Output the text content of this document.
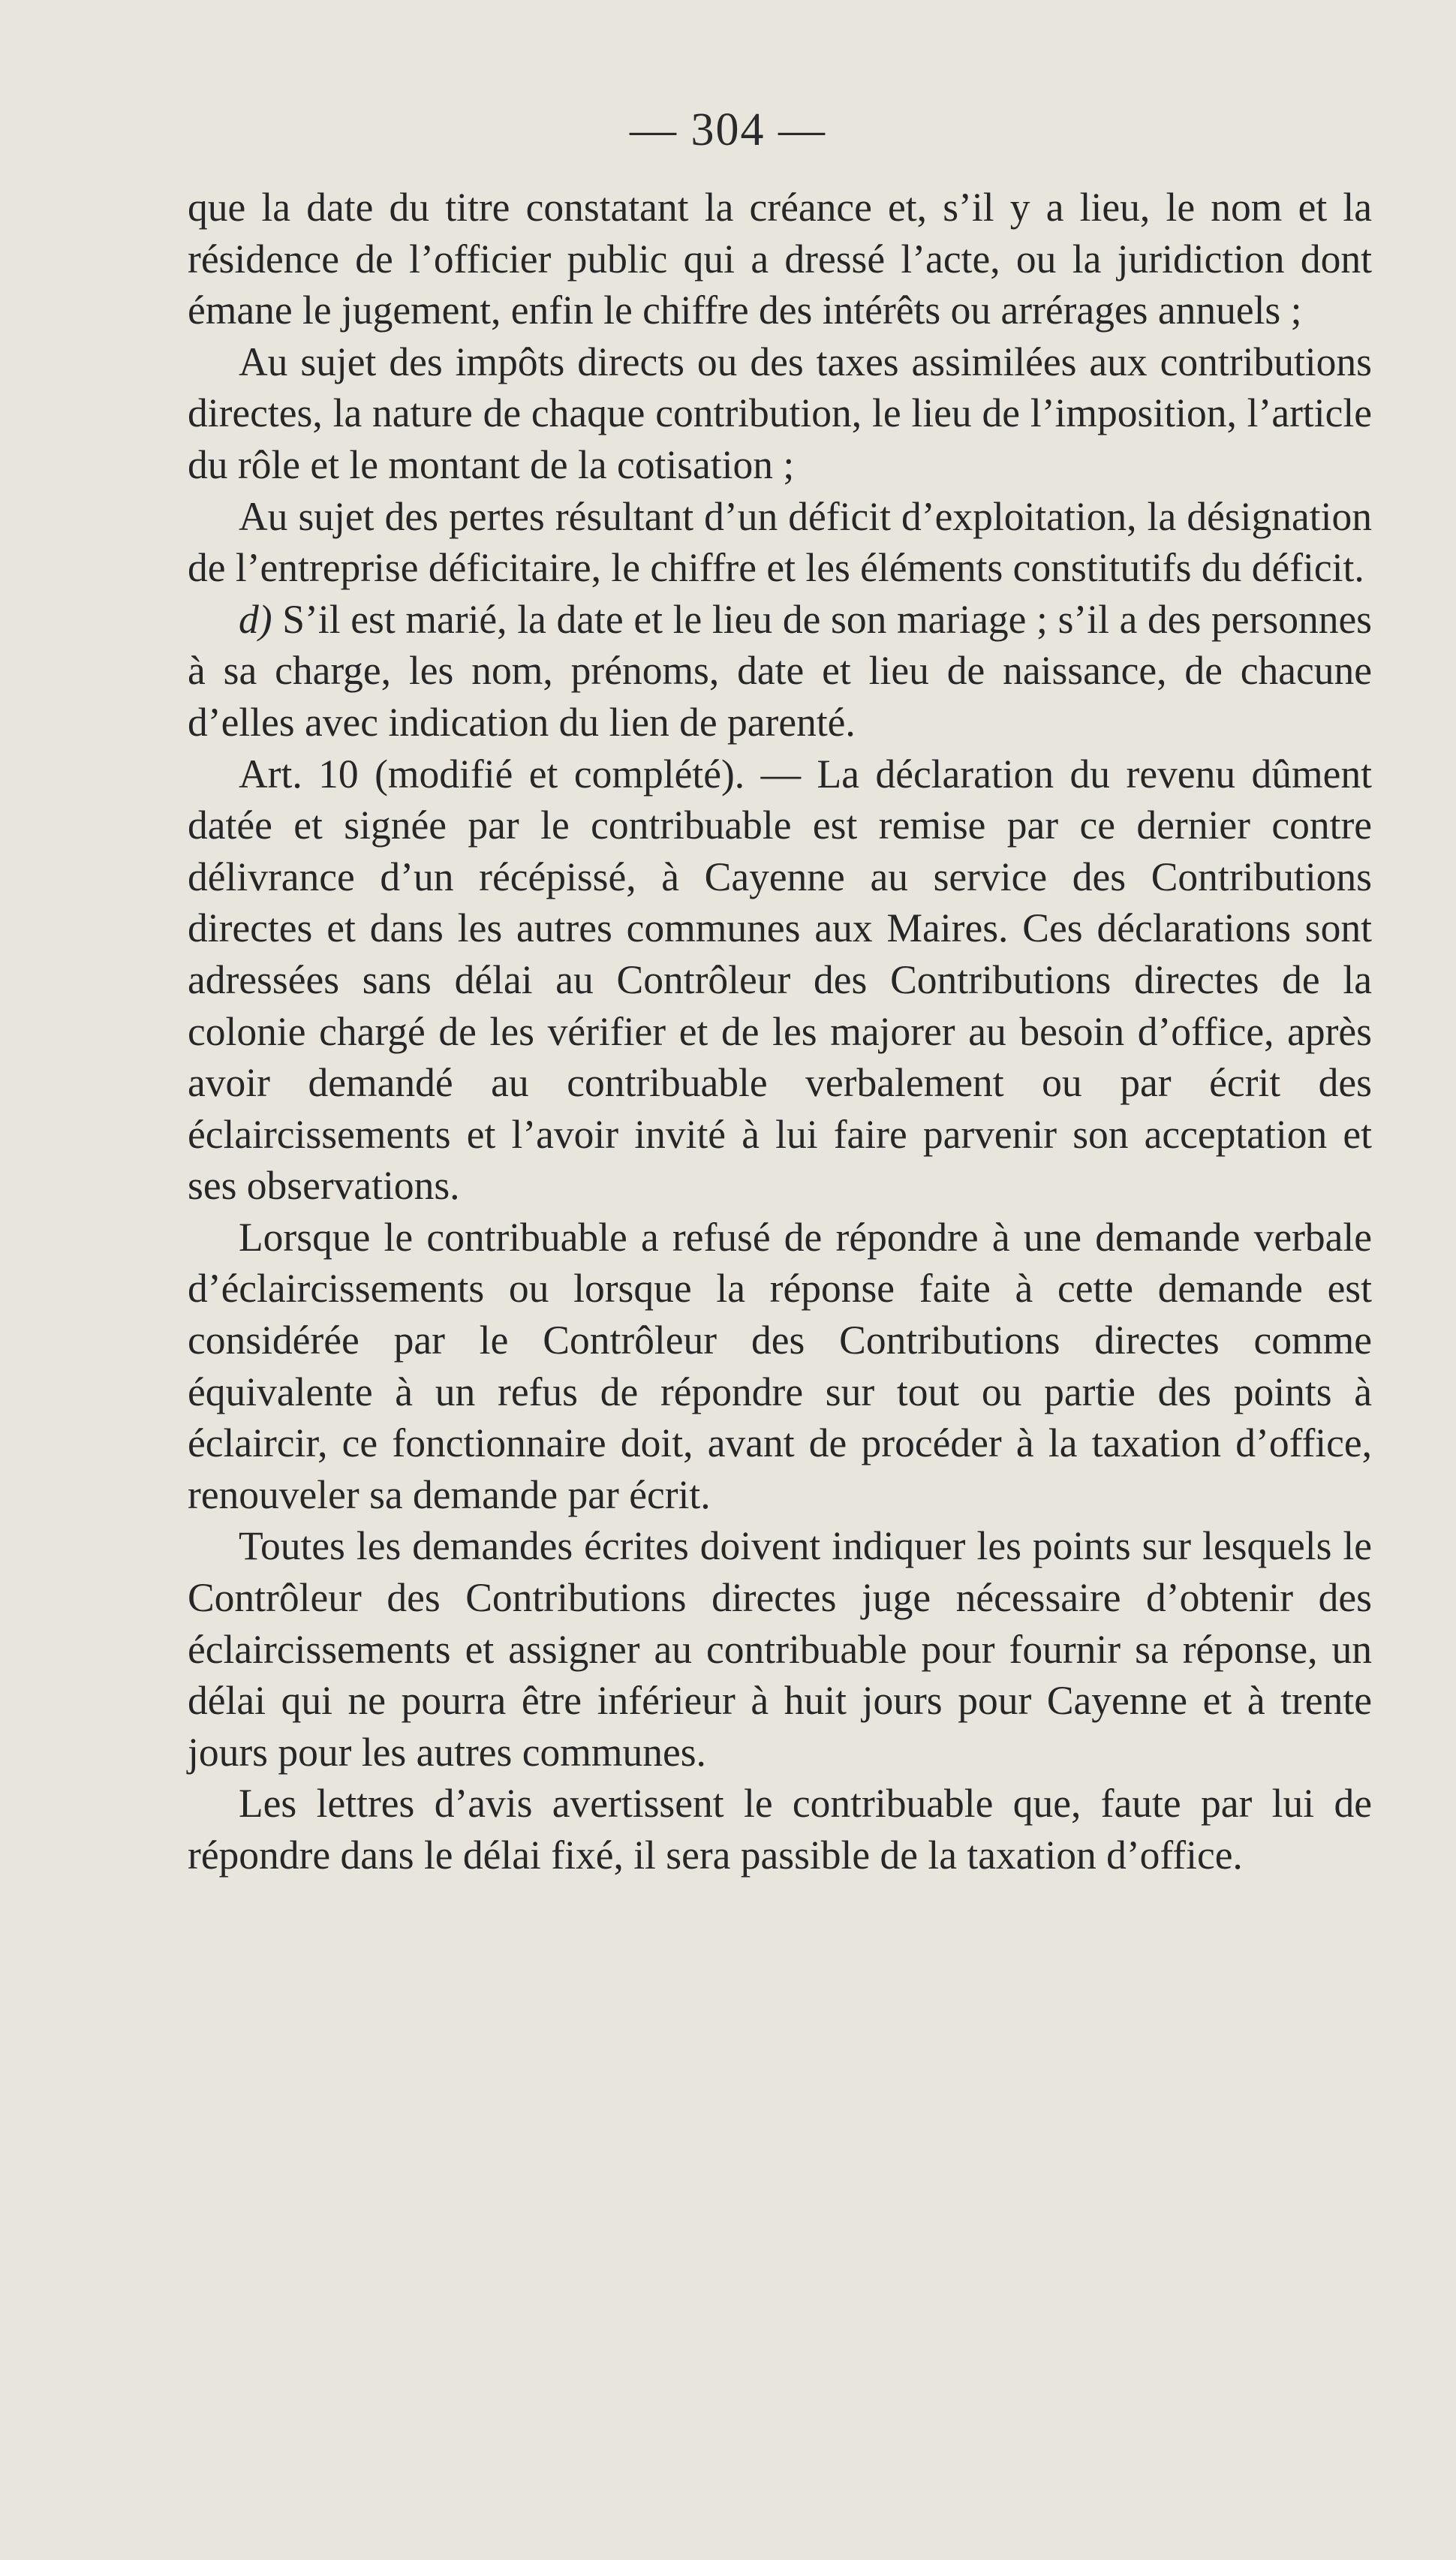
— 304 —

que la date du titre constatant la créance et, s’il y a lieu, le nom et la résidence de l’officier public qui a dressé l’acte, ou la juridiction dont émane le jugement, enfin le chiffre des intérêts ou arrérages annuels ;

Au sujet des impôts directs ou des taxes assimilées aux contributions directes, la nature de chaque contribution, le lieu de l’imposition, l’article du rôle et le montant de la cotisation ;

Au sujet des pertes résultant d’un déficit d’exploitation, la désignation de l’entreprise déficitaire, le chiffre et les éléments constitutifs du déficit.

d) S’il est marié, la date et le lieu de son mariage ; s’il a des personnes à sa charge, les nom, prénoms, date et lieu de naissance, de chacune d’elles avec indication du lien de parenté.

Art. 10 (modifié et complété). — La déclaration du revenu dûment datée et signée par le contribuable est remise par ce dernier contre délivrance d’un récépissé, à Cayenne au service des Contributions directes et dans les autres communes aux Maires. Ces déclarations sont adressées sans délai au Contrôleur des Contributions directes de la colonie chargé de les vérifier et de les majorer au besoin d’office, après avoir demandé au contribuable verbalement ou par écrit des éclaircissements et l’avoir invité à lui faire parvenir son acceptation et ses observations.

Lorsque le contribuable a refusé de répondre à une demande verbale d’éclaircissements ou lorsque la réponse faite à cette demande est considérée par le Contrôleur des Contributions directes comme équivalente à un refus de répondre sur tout ou partie des points à éclaircir, ce fonctionnaire doit, avant de procéder à la taxation d’office, renouveler sa demande par écrit.

Toutes les demandes écrites doivent indiquer les points sur lesquels le Contrôleur des Contributions directes juge nécessaire d’obtenir des éclaircissements et assigner au contribuable pour fournir sa réponse, un délai qui ne pourra être inférieur à huit jours pour Cayenne et à trente jours pour les autres communes.

Les lettres d’avis avertissent le contribuable que, faute par lui de répondre dans le délai fixé, il sera passible de la taxation d’office.
